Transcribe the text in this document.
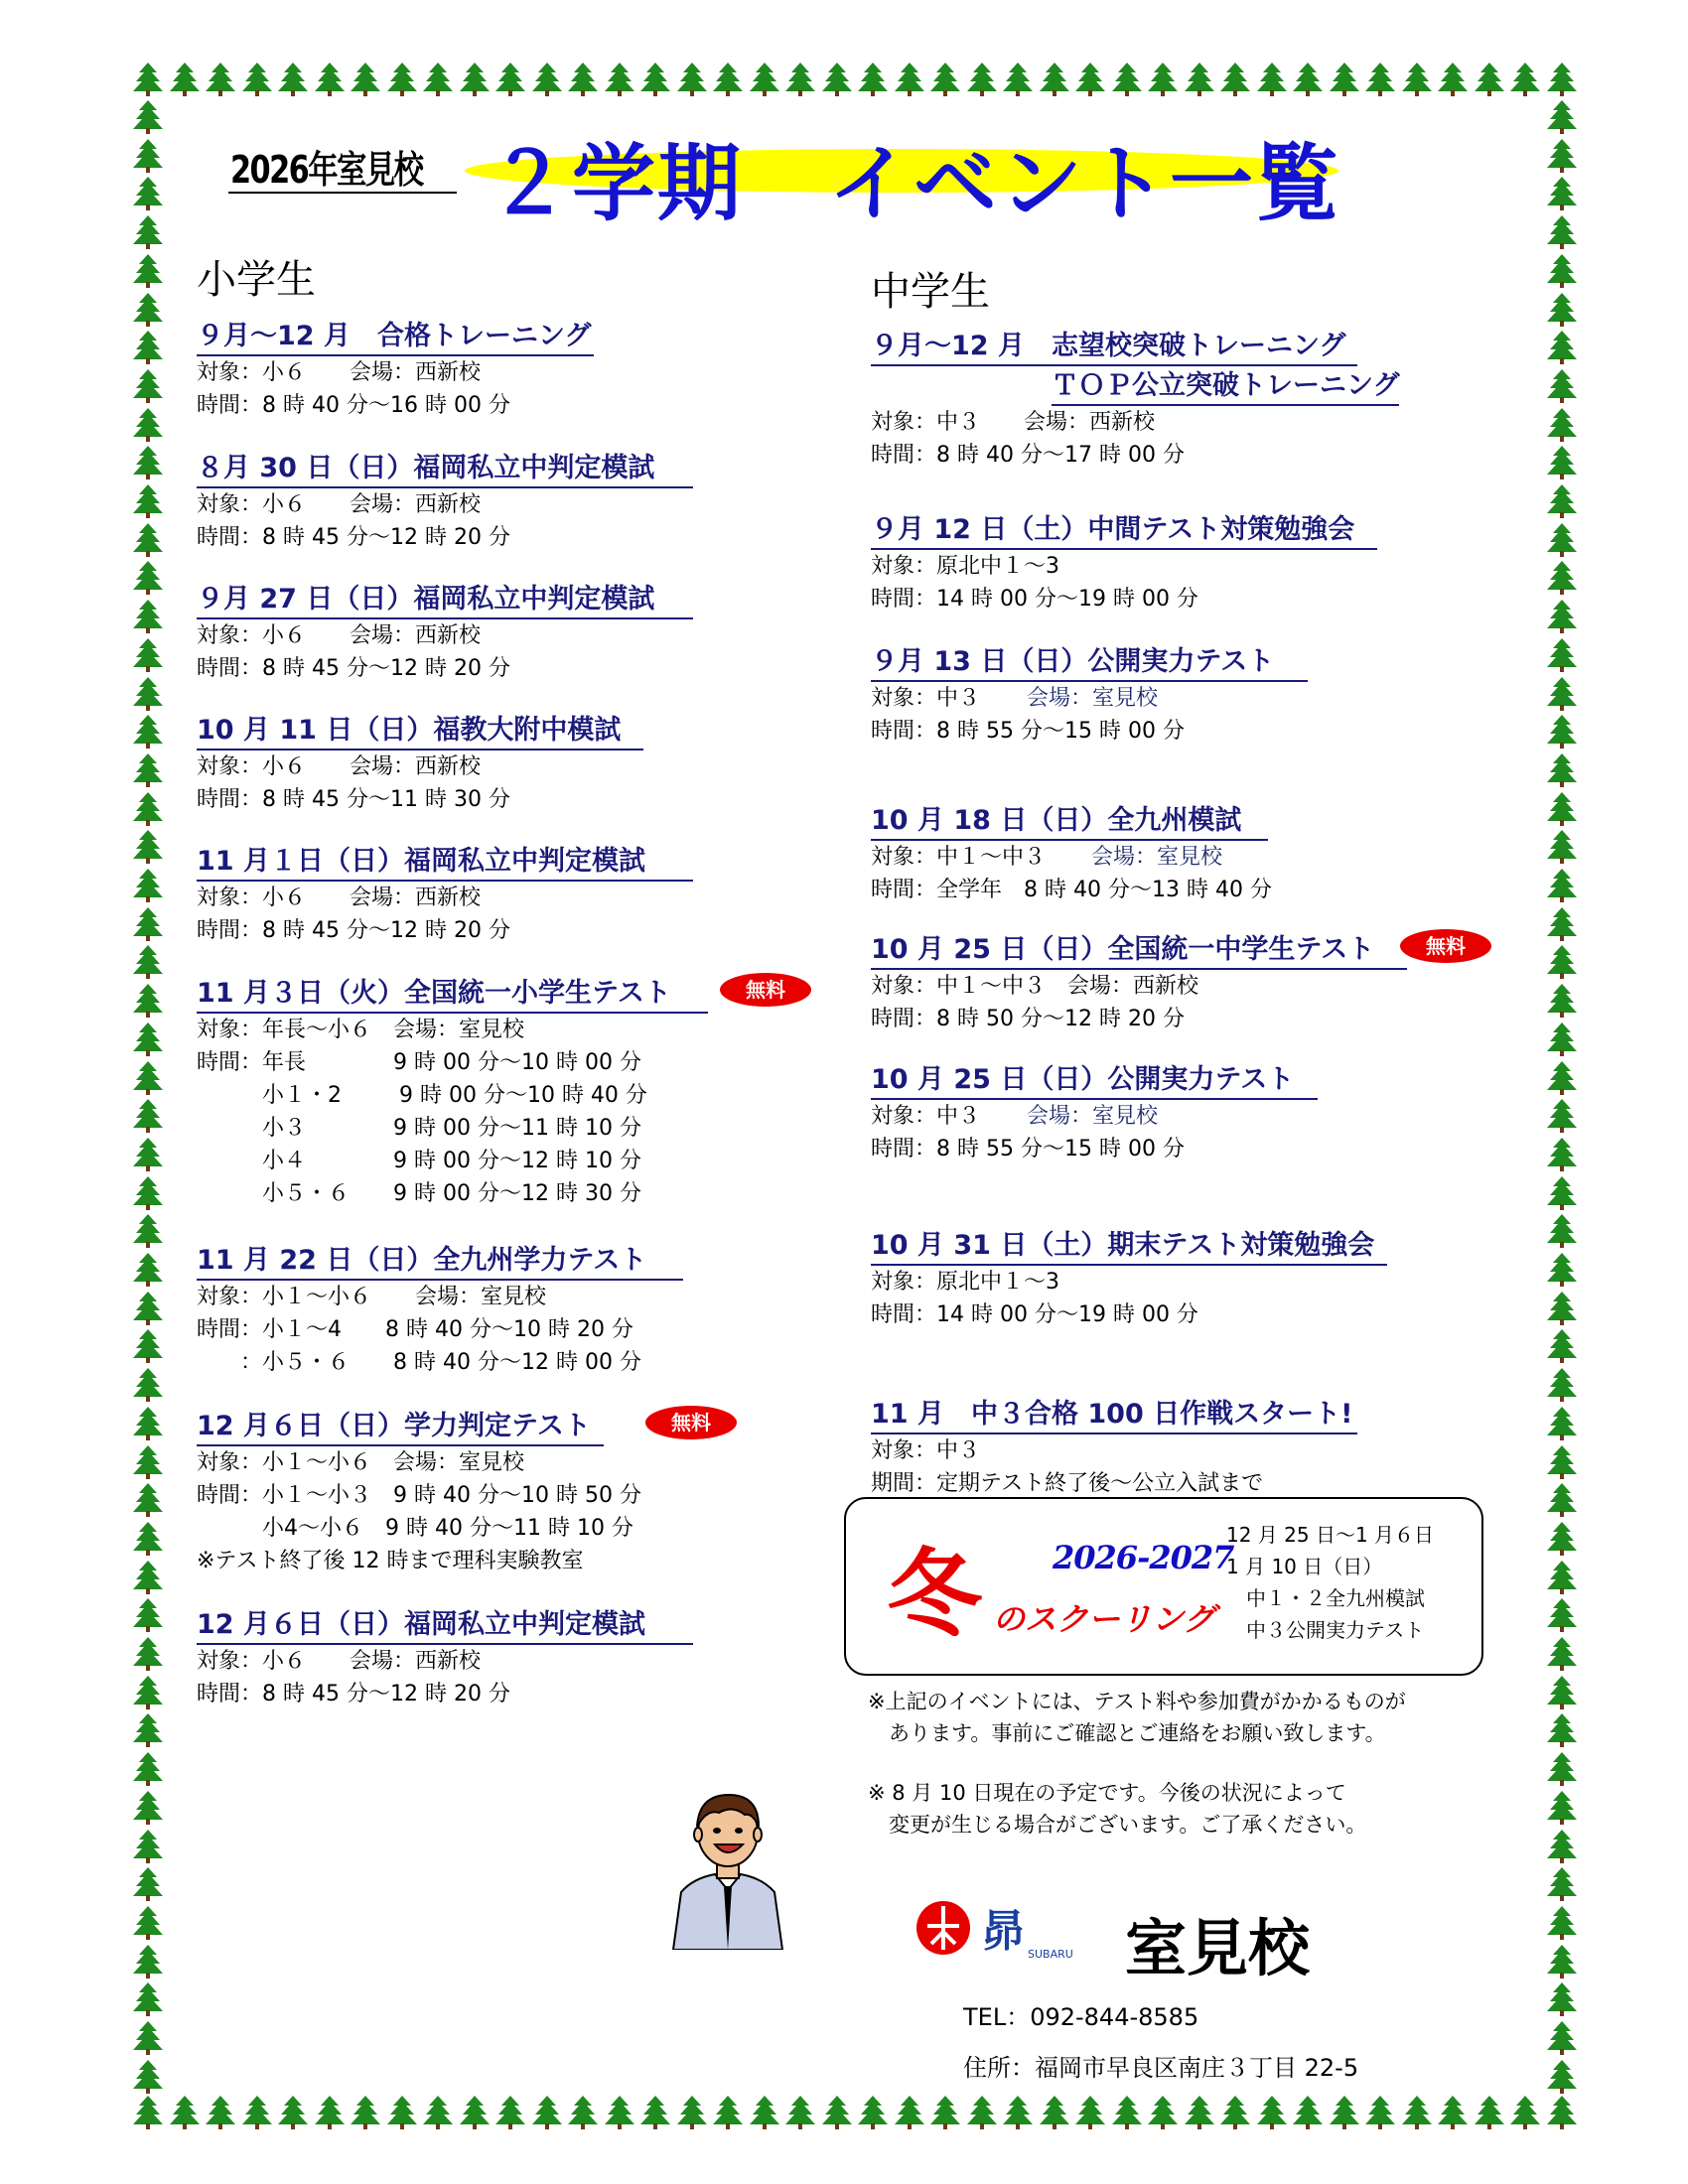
2026年室見校 ２学期　イベント一覧
小学生
９月〜12 月　合格トレーニング
対象：小６　　会場：西新校
時間：8 時 40 分〜16 時 00 分
８月 30 日（日）福岡私立中判定模試
対象：小６　　会場：西新校
時間：8 時 45 分〜12 時 20 分
９月 27 日（日）福岡私立中判定模試
対象：小６　　会場：西新校
時間：8 時 45 分〜12 時 20 分
10 月 11 日（日）福教大附中模試
対象：小６　　会場：西新校
時間：8 時 45 分〜11 時 30 分
11 月１日（日）福岡私立中判定模試
対象：小６　　会場：西新校
時間：8 時 45 分〜12 時 20 分
11 月３日（火）全国統一小学生テスト	無料
対象：年長〜小６　会場：室見校
時間：年長　　　　9 時 00 分〜10 時 00 分
　　　小１・2　　  9 時 00 分〜10 時 40 分
　　　小３　　　　9 時 00 分〜11 時 10 分
　　　小４　　　　9 時 00 分〜12 時 10 分
　　　小５・６　　9 時 00 分〜12 時 30 分
11 月 22 日（日）全九州学力テスト
対象：小１〜小６　　会場：室見校
時間：小１〜4　　8 時 40 分〜10 時 20 分
　　：小５・６　　8 時 40 分〜12 時 00 分
12 月６日（日）学力判定テスト	無料
対象：小１〜小６　会場：室見校
時間：小１〜小３　9 時 40 分〜10 時 50 分
　　　小4〜小６　9 時 40 分〜11 時 10 分
※テスト終了後 12 時まで理科実験教室
12 月６日（日）福岡私立中判定模試
対象：小６　　会場：西新校
時間：8 時 45 分〜12 時 20 分
中学生
９月〜12 月　志望校突破トレーニング
ＴＯＰ公立突破トレーニング
対象：中３　　会場：西新校
時間：8 時 40 分〜17 時 00 分
９月 12 日（土）中間テスト対策勉強会
対象：原北中１〜3
時間：14 時 00 分〜19 時 00 分
９月 13 日（日）公開実力テスト
対象：中３　
時間：8 時 55 分〜15 時 00 分
会場：室見校
10 月 18 日（日）全九州模試
対象：中１〜中３　
時間：全学年　8 時 40 分〜13 時 40 分
会場：室見校
10 月 25 日（日）全国統一中学生テスト	無料
対象：中１〜中３　会場：西新校
時間：8 時 50 分〜12 時 20 分
10 月 25 日（日）公開実力テスト
対象：中３　
時間：8 時 55 分〜15 時 00 分
会場：室見校
10 月 31 日（土）期末テスト対策勉強会
対象：原北中１〜3
時間：14 時 00 分〜19 時 00 分
11 月　中３合格 100 日作戦スタート!
対象：中３
期間：定期テスト終了後〜公立入試まで
冬 2026-2027
のスクーリング
12 月 25 日〜1 月６日
1 月 10 日（日）
中１・２全九州模試
中３公開実力テスト
※上記のイベントには、テスト料や参加費がかかるものが
　あります。事前にご確認とご連絡をお願い致します。
※ 8 月 10 日現在の予定です。今後の状況によって
　変更が生じる場合がございます。ご了承ください。
昴 SUBARU 室見校
TEL：092-844-8585
住所：福岡市早良区南庄３丁目 22-5
